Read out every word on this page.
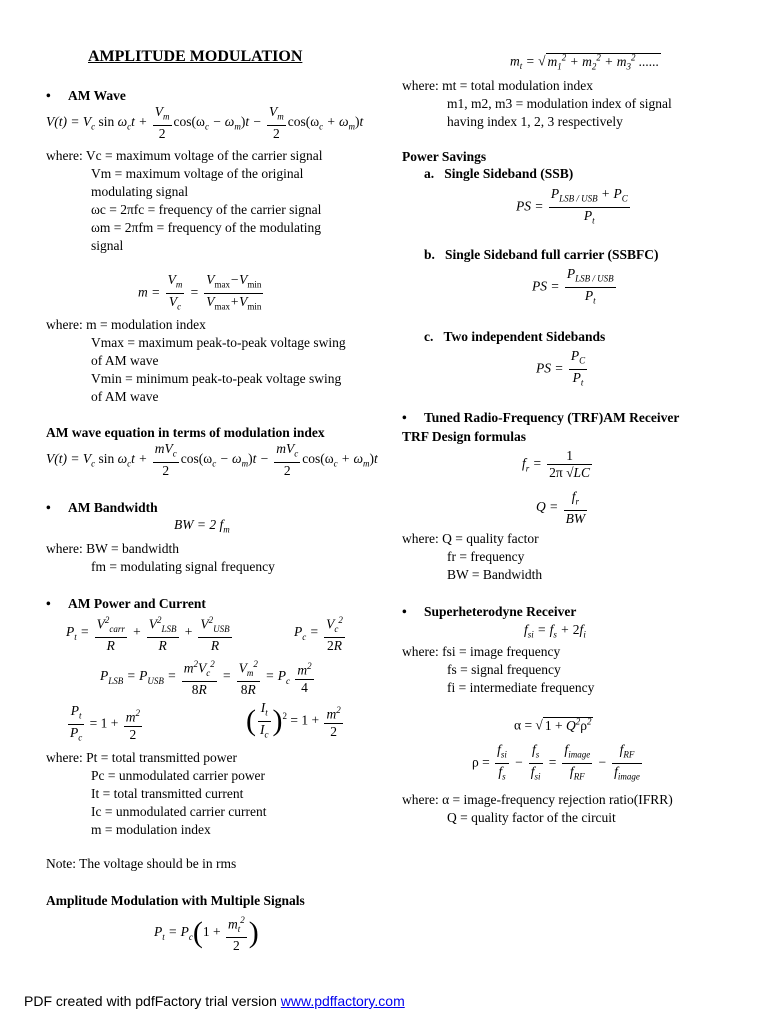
AMPLITUDE MODULATION
• AM Wave
$V(t) = V_c$ $\sin \omega_ct + \frac{V_m}{2} \cos(\omega_c - \omega_m)t - \frac{V_m}{2} \cos(\omega_c + \omega_m)t$
where: Vc = maximum voltage of the carrier signal
Vm = maximum voltage of the original
modulating signal
ωc = 2πfc = frequency of the carrier signal
ωm = 2πfm = frequency of the modulating
signal
$m = \frac{V_m}{V_c} = \frac{V_{max}-V_{min}}{V_{max}+V_{min}}$
where: m = modulation index
Vmax = maximum peak-to-peak voltage swing
of AM wave
Vmin = minimum peak-to-peak voltage swing
of AM wave
AM wave equation in terms of modulation index
$V(t) = V_c$ $\sin \omega_ct + \frac{mV_c}{2} \cos(\omega_c - \omega_m)t - \frac{mV_c}{2} \cos(\omega_c + \omega_m)t$
• AM Bandwidth
BW = 2 $f_m$
where: BW = bandwidth
fm = modulating signal frequency
• AM Power and Current
$P_t = \frac{V^2_{carr}}{R} + \frac{V^2_{LSB}}{R} + \frac{V^2_{USB}}{R}$	$P_c = \frac{V_c^2}{2R}$
$P_{LSB} = P_{USB} = \frac{m^2V_c^2}{8R} = \frac{V_m^2}{8R} = P_c \frac{m^2}{4}$
$\frac{P_t}{P_c} = 1 + \frac{m^2}{2}$	( $\frac{I_t}{I_c} )^2 = 1 + \frac{m^2}{2}$
where: Pt = total transmitted power
Pc = unmodulated carrier power
It = total transmitted current
Ic = unmodulated carrier current
m = modulation index
Note: The voltage should be in rms
Amplitude Modulation with Multiple Signals
$P_t = P_c(1 + \frac{m_t^2}{2}$ )
$m_t$ = √ $m_1^2 + m_2^2 + m_3^2$ ......
where: mt = total modulation index
m1, m2, m3 = modulation index of signal
having index 1, 2, 3 respectively
Power Savings
a.   Single Sideband (SSB)
PS = $\frac{P_{LSB / USB} + P_C}{P_t}$
b.   Single Sideband full carrier (SSBFC)
PS = $\frac{P_{LSB / USB}}{P_t}$
c.   Two independent Sidebands
PS = $\frac{P_C}{P_t}$
• Tuned Radio-Frequency (TRF)AM Receiver
TRF Design formulas
$f_r = \frac{1}{2\pi √LC}$
$Q = \frac{f_r}{BW}$
where: Q = quality factor
fr = frequency
BW = Bandwidth
• Superheterodyne Receiver
$f_{si} = f_s + 2f_i$
where: fsi = image frequency
fs = signal frequency
fi = intermediate frequency
α = √ $1 + Q^2\rho^2$
$\rho = \frac{f_{si}}{f_s} - \frac{f_s}{f_{si}} = \frac{f_{image}}{f_{RF}} - \frac{f_{RF}}{f_{image}}$
where: α = image-frequency rejection ratio(IFRR)
Q = quality factor of the circuit
PDF created with pdfFactory trial version www.pdffactory.com
